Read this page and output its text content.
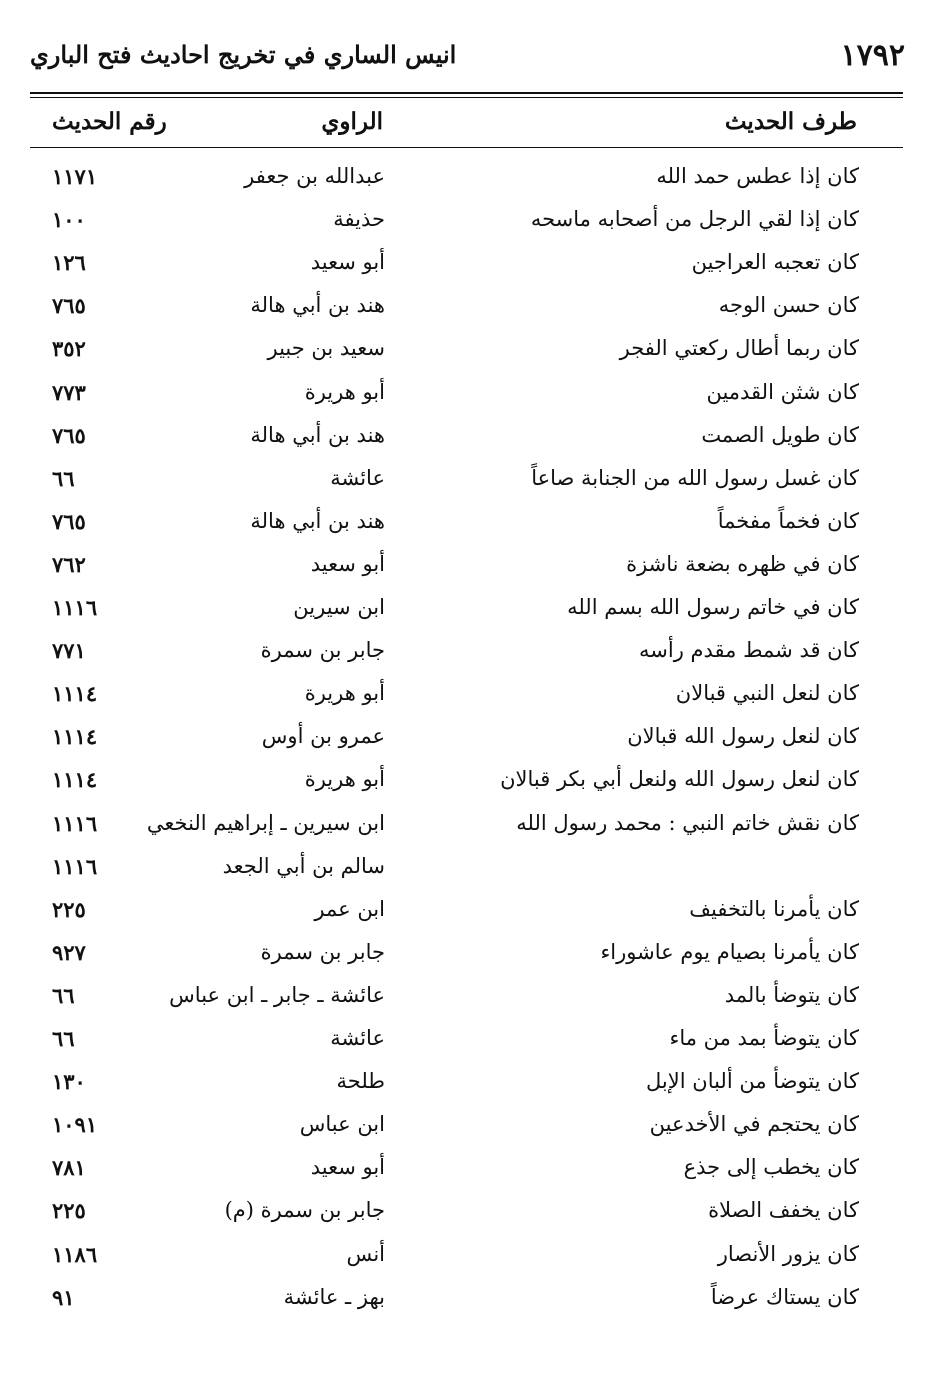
١٧٩٢
انيس الساري في تخريج احاديث فتح الباري
طرف الحديث
الراوي
رقم الحديث
كان إذا عطس حمد الله
عبدالله بن جعفر
١١٧١
كان إذا لقي الرجل من أصحابه ماسحه
حذيفة
١٠٠
كان تعجبه العراجين
أبو سعيد
١٢٦
كان حسن الوجه
هند بن أبي هالة
٧٦٥
كان ربما أطال ركعتي الفجر
سعيد بن جبير
٣٥٢
كان شثن القدمين
أبو هريرة
٧٧٣
كان طويل الصمت
هند بن أبي هالة
٧٦٥
كان غسل رسول الله من الجنابة صاعاً
عائشة
٦٦
كان فخماً مفخماً
هند بن أبي هالة
٧٦٥
كان في ظهره بضعة ناشزة
أبو سعيد
٧٦٢
كان في خاتم رسول الله بسم الله
ابن سيرين
١١١٦
كان قد شمط مقدم رأسه
جابر بن سمرة
٧٧١
كان لنعل النبي قبالان
أبو هريرة
١١١٤
كان لنعل رسول الله قبالان
عمرو بن أوس
١١١٤
كان لنعل رسول الله ولنعل أبي بكر قبالان
أبو هريرة
١١١٤
كان نقش خاتم النبي : محمد رسول الله
ابن سيرين ـ إبراهيم النخعي
١١١٦
سالم بن أبي الجعد
١١١٦
كان يأمرنا بالتخفيف
ابن عمر
٢٢٥
كان يأمرنا بصيام يوم عاشوراء
جابر بن سمرة
٩٢٧
كان يتوضأ بالمد
عائشة ـ جابر ـ ابن عباس
٦٦
كان يتوضأ بمد من ماء
عائشة
٦٦
كان يتوضأ من ألبان الإبل
طلحة
١٣٠
كان يحتجم في الأخدعين
ابن عباس
١٠٩١
كان يخطب إلى جذع
أبو سعيد
٧٨١
كان يخفف الصلاة
جابر بن سمرة (م)
٢٢٥
كان يزور الأنصار
أنس
١١٨٦
كان يستاك عرضاً
بهز ـ عائشة
٩١
